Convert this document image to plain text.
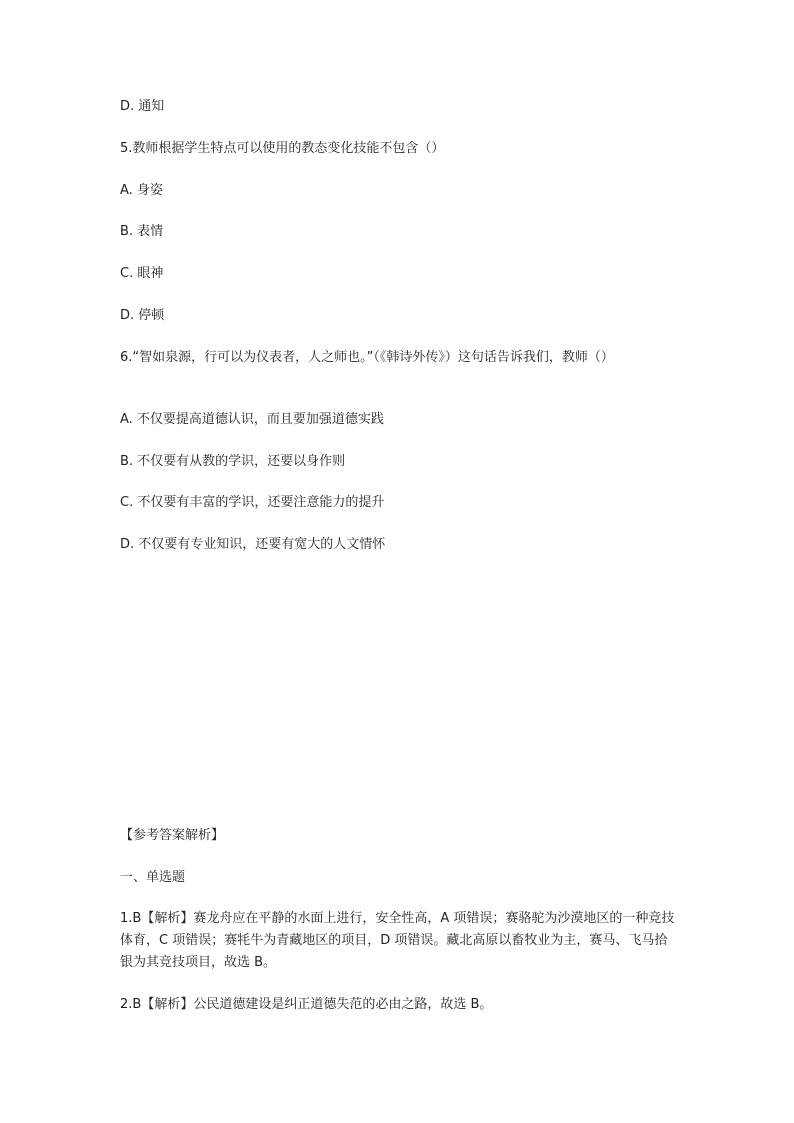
D. 通知
5.教师根据学生特点可以使用的教态变化技能不包含（）
A. 身姿
B. 表情
C. 眼神
D. 停顿
6.“智如泉源，行可以为仪表者，人之师也。”（《韩诗外传》）这句话告诉我们，教师（）
A. 不仅要提高道德认识，而且要加强道德实践
B. 不仅要有从教的学识，还要以身作则
C. 不仅要有丰富的学识，还要注意能力的提升
D. 不仅要有专业知识，还要有宽大的人文情怀
【参考答案解析】
一、单选题
1.B【解析】赛龙舟应在平静的水面上进行，安全性高，A 项错误；赛骆驼为沙漠地区的一种竞技体育，C 项错误；赛牦牛为青藏地区的项目，D 项错误。藏北高原以畜牧业为主，赛马、飞马拾银为其竞技项目，故选 B。
2.B【解析】公民道德建设是纠正道德失范的必由之路，故选 B。
